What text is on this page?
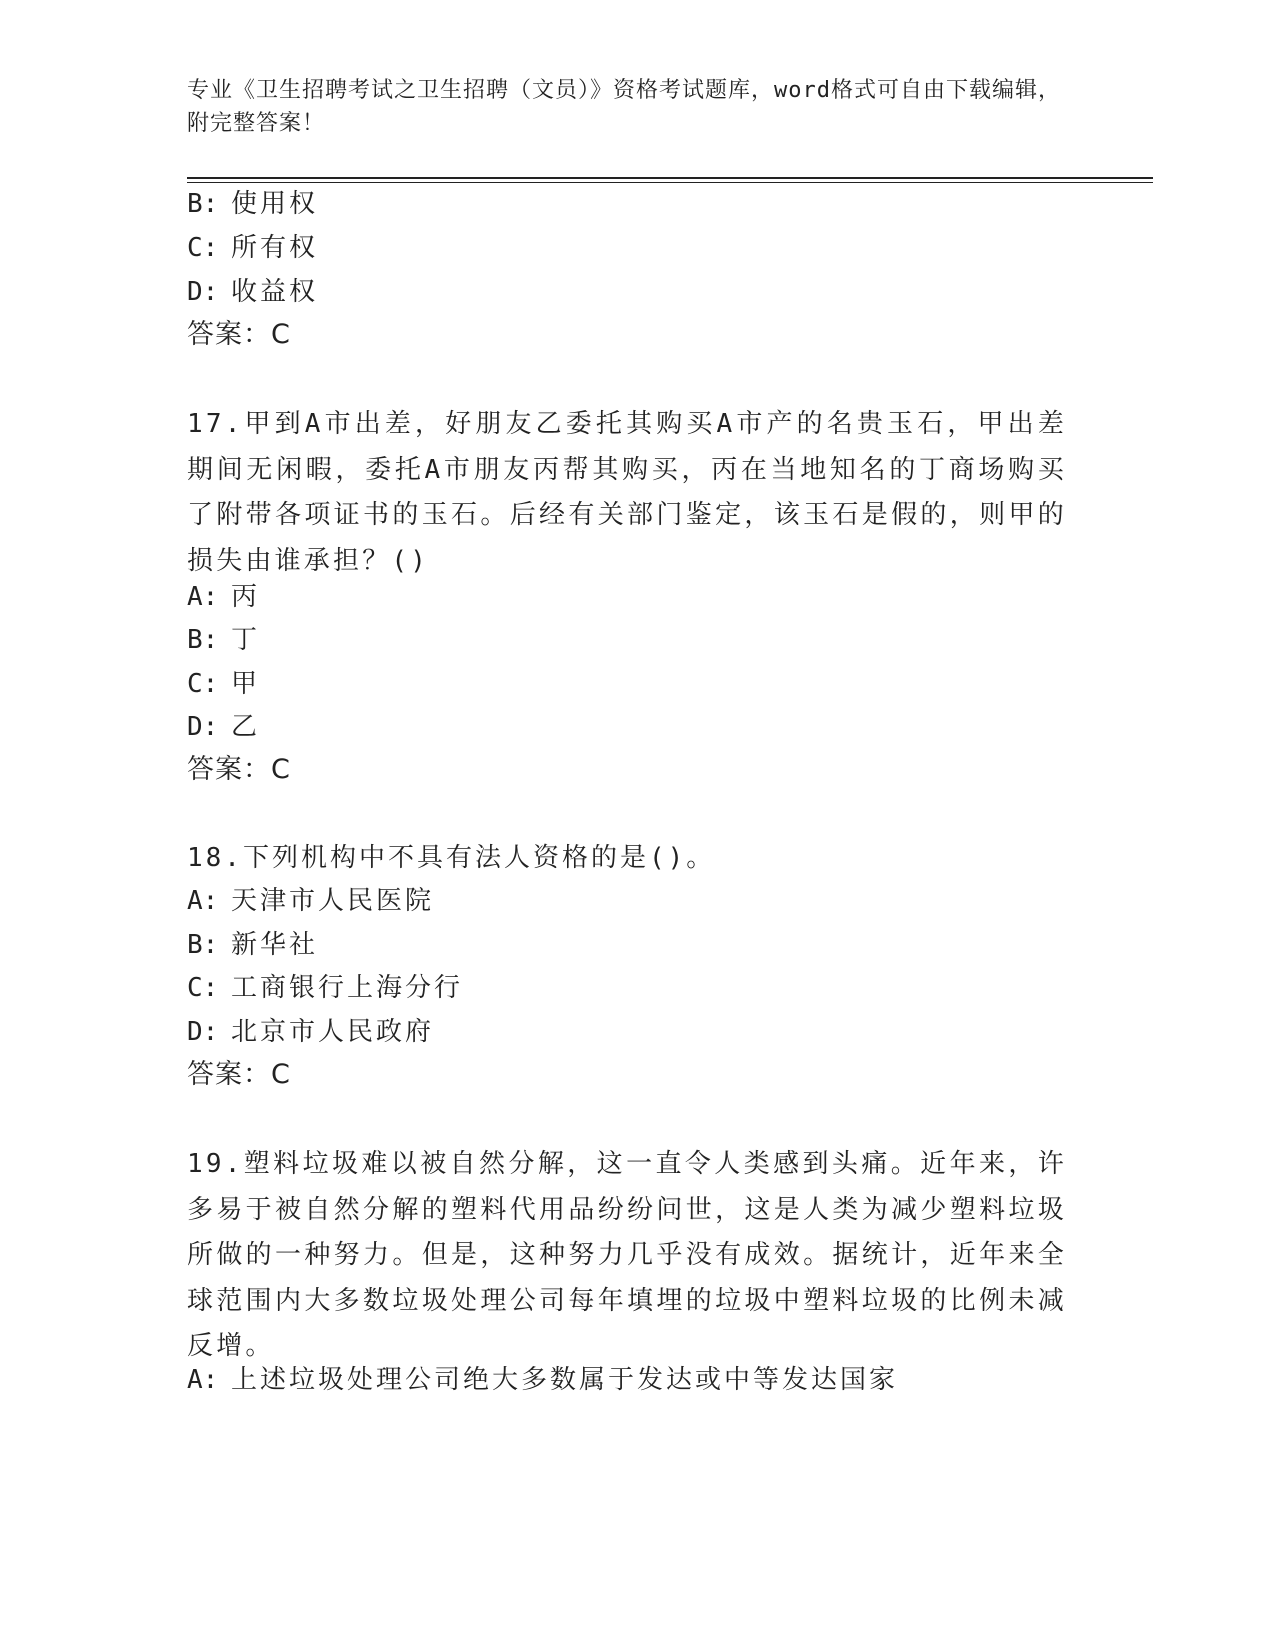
专业《卫生招聘考试之卫生招聘（文员）》资格考试题库，word格式可自由下载编辑，附完整答案！
B: 使用权
C: 所有权
D: 收益权
答案：C
17.甲到A市出差，好朋友乙委托其购买A市产的名贵玉石，甲出差期间无闲暇，委托A市朋友丙帮其购买，丙在当地知名的丁商场购买了附带各项证书的玉石。后经有关部门鉴定，该玉石是假的，则甲的损失由谁承担？()
A: 丙
B: 丁
C: 甲
D: 乙
答案：C
18.下列机构中不具有法人资格的是()。
A: 天津市人民医院
B: 新华社
C: 工商银行上海分行
D: 北京市人民政府
答案：C
19.塑料垃圾难以被自然分解，这一直令人类感到头痛。近年来，许多易于被自然分解的塑料代用品纷纷问世，这是人类为减少塑料垃圾所做的一种努力。但是，这种努力几乎没有成效。据统计，近年来全球范围内大多数垃圾处理公司每年填埋的垃圾中塑料垃圾的比例未减反增。
A: 上述垃圾处理公司绝大多数属于发达或中等发达国家
